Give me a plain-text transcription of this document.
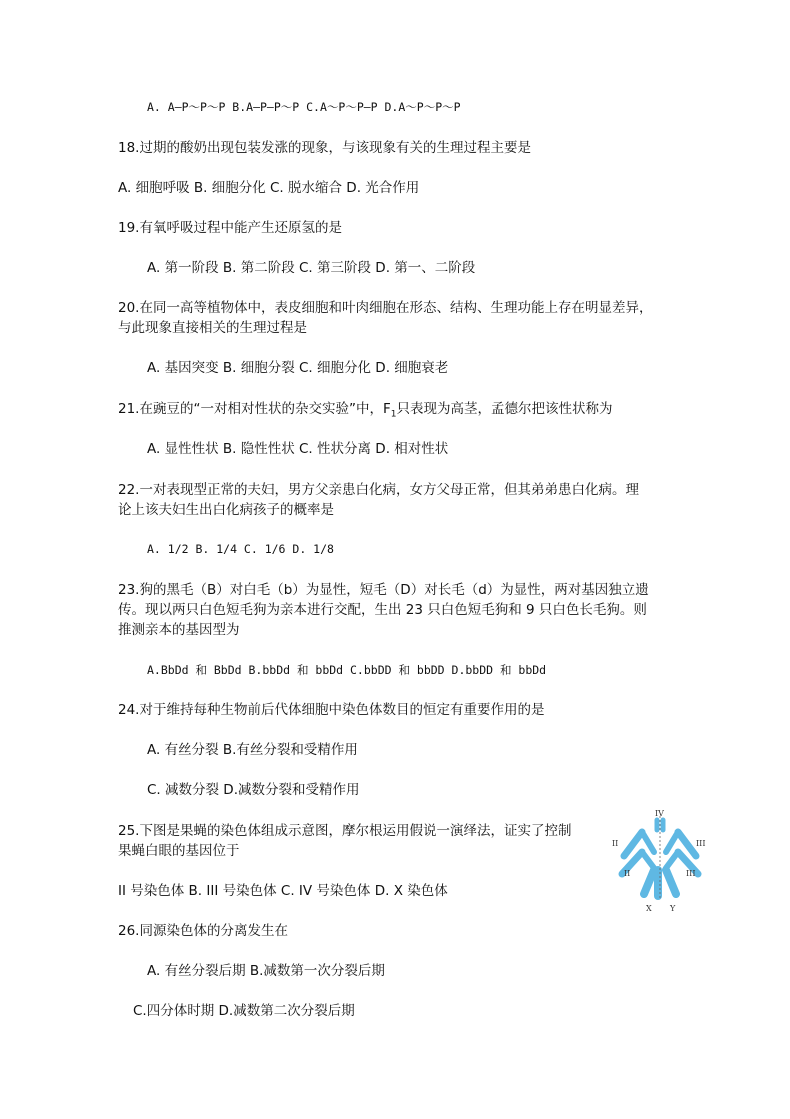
A. A—P～P～P B.A—P—P～P C.A～P～P—P D.A～P～P～P
18.过期的酸奶出现包装发涨的现象，与该现象有关的生理过程主要是
A. 细胞呼吸 B. 细胞分化 C. 脱水缩合 D. 光合作用
19.有氧呼吸过程中能产生还原氢的是
A. 第一阶段 B. 第二阶段 C. 第三阶段 D. 第一、二阶段
20.在同一高等植物体中，表皮细胞和叶肉细胞在形态、结构、生理功能上存在明显差异，
与此现象直接相关的生理过程是
A. 基因突变 B. 细胞分裂 C. 细胞分化 D. 细胞衰老
21.在豌豆的“一对相对性状的杂交实验”中，$F_1$只表现为高茎，孟德尔把该性状称为
A. 显性性状 B. 隐性性状 C. 性状分离 D. 相对性状
22.一对表现型正常的夫妇，男方父亲患白化病，女方父母正常，但其弟弟患白化病。理
论上该夫妇生出白化病孩子的概率是
A. 1/2 B. 1/4 C. 1/6 D. 1/8
23.狗的黑毛（B）对白毛（b）为显性，短毛（D）对长毛（d）为显性，两对基因独立遗
传。现以两只白色短毛狗为亲本进行交配，生出 23 只白色短毛狗和 9 只白色长毛狗。则
推测亲本的基因型为
A.BbDd 和 BbDd B.bbDd 和 bbDd C.bbDD 和 bbDD D.bbDD 和 bbDd
24.对于维持每种生物前后代体细胞中染色体数目的恒定有重要作用的是
A. 有丝分裂 B.有丝分裂和受精作用
C. 减数分裂 D.减数分裂和受精作用
25.下图是果蝇的染色体组成示意图，摩尔根运用假说一演绎法，证实了控制
果蝇白眼的基因位于
II 号染色体 B. III 号染色体 C. IV 号染色体 D. X 染色体
IV
II	III
II	III
X Y
26.同源染色体的分离发生在
A. 有丝分裂后期 B.减数第一次分裂后期
C.四分体时期 D.减数第二次分裂后期
